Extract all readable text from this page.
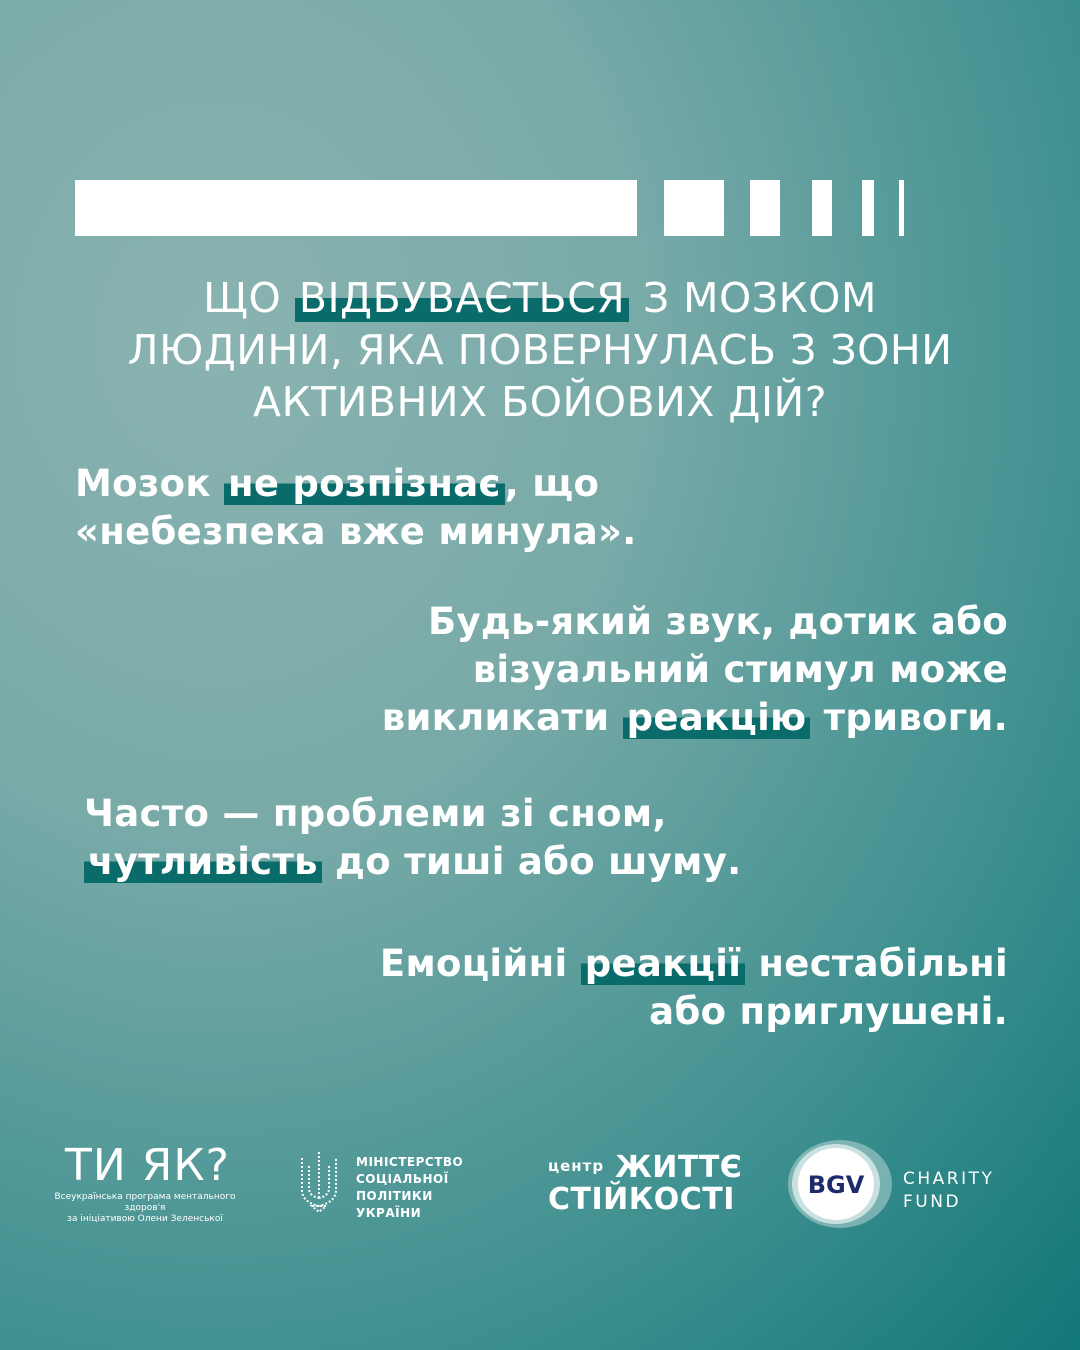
ЩО ВІДБУВАЄТЬСЯ З МОЗКОМ
ЛЮДИНИ, ЯКА ПОВЕРНУЛАСЬ З ЗОНИ
АКТИВНИХ БОЙОВИХ ДІЙ?

Мозок не розпізнає , що
«небезпека вже минула».

Будь-який звук, дотик або
візуальний стимул може
викликати реакцію тривоги.

Часто — проблеми зі сном,
чутливість до тиші або шуму.

Емоційні реакції нестабільні
або приглушені.

ТИ ЯК?
Всеукраїнська програма ментального здоров'я
за ініціативою Олени Зеленської
МІНІСТЕРСТВО
СОЦІАЛЬНОЇ ПОЛІТИКИ
УКРАЇНИ
$^{центр}$ ЖИТТЄ
СТІЙКОСТІ	BGV CHARITY
FUND
